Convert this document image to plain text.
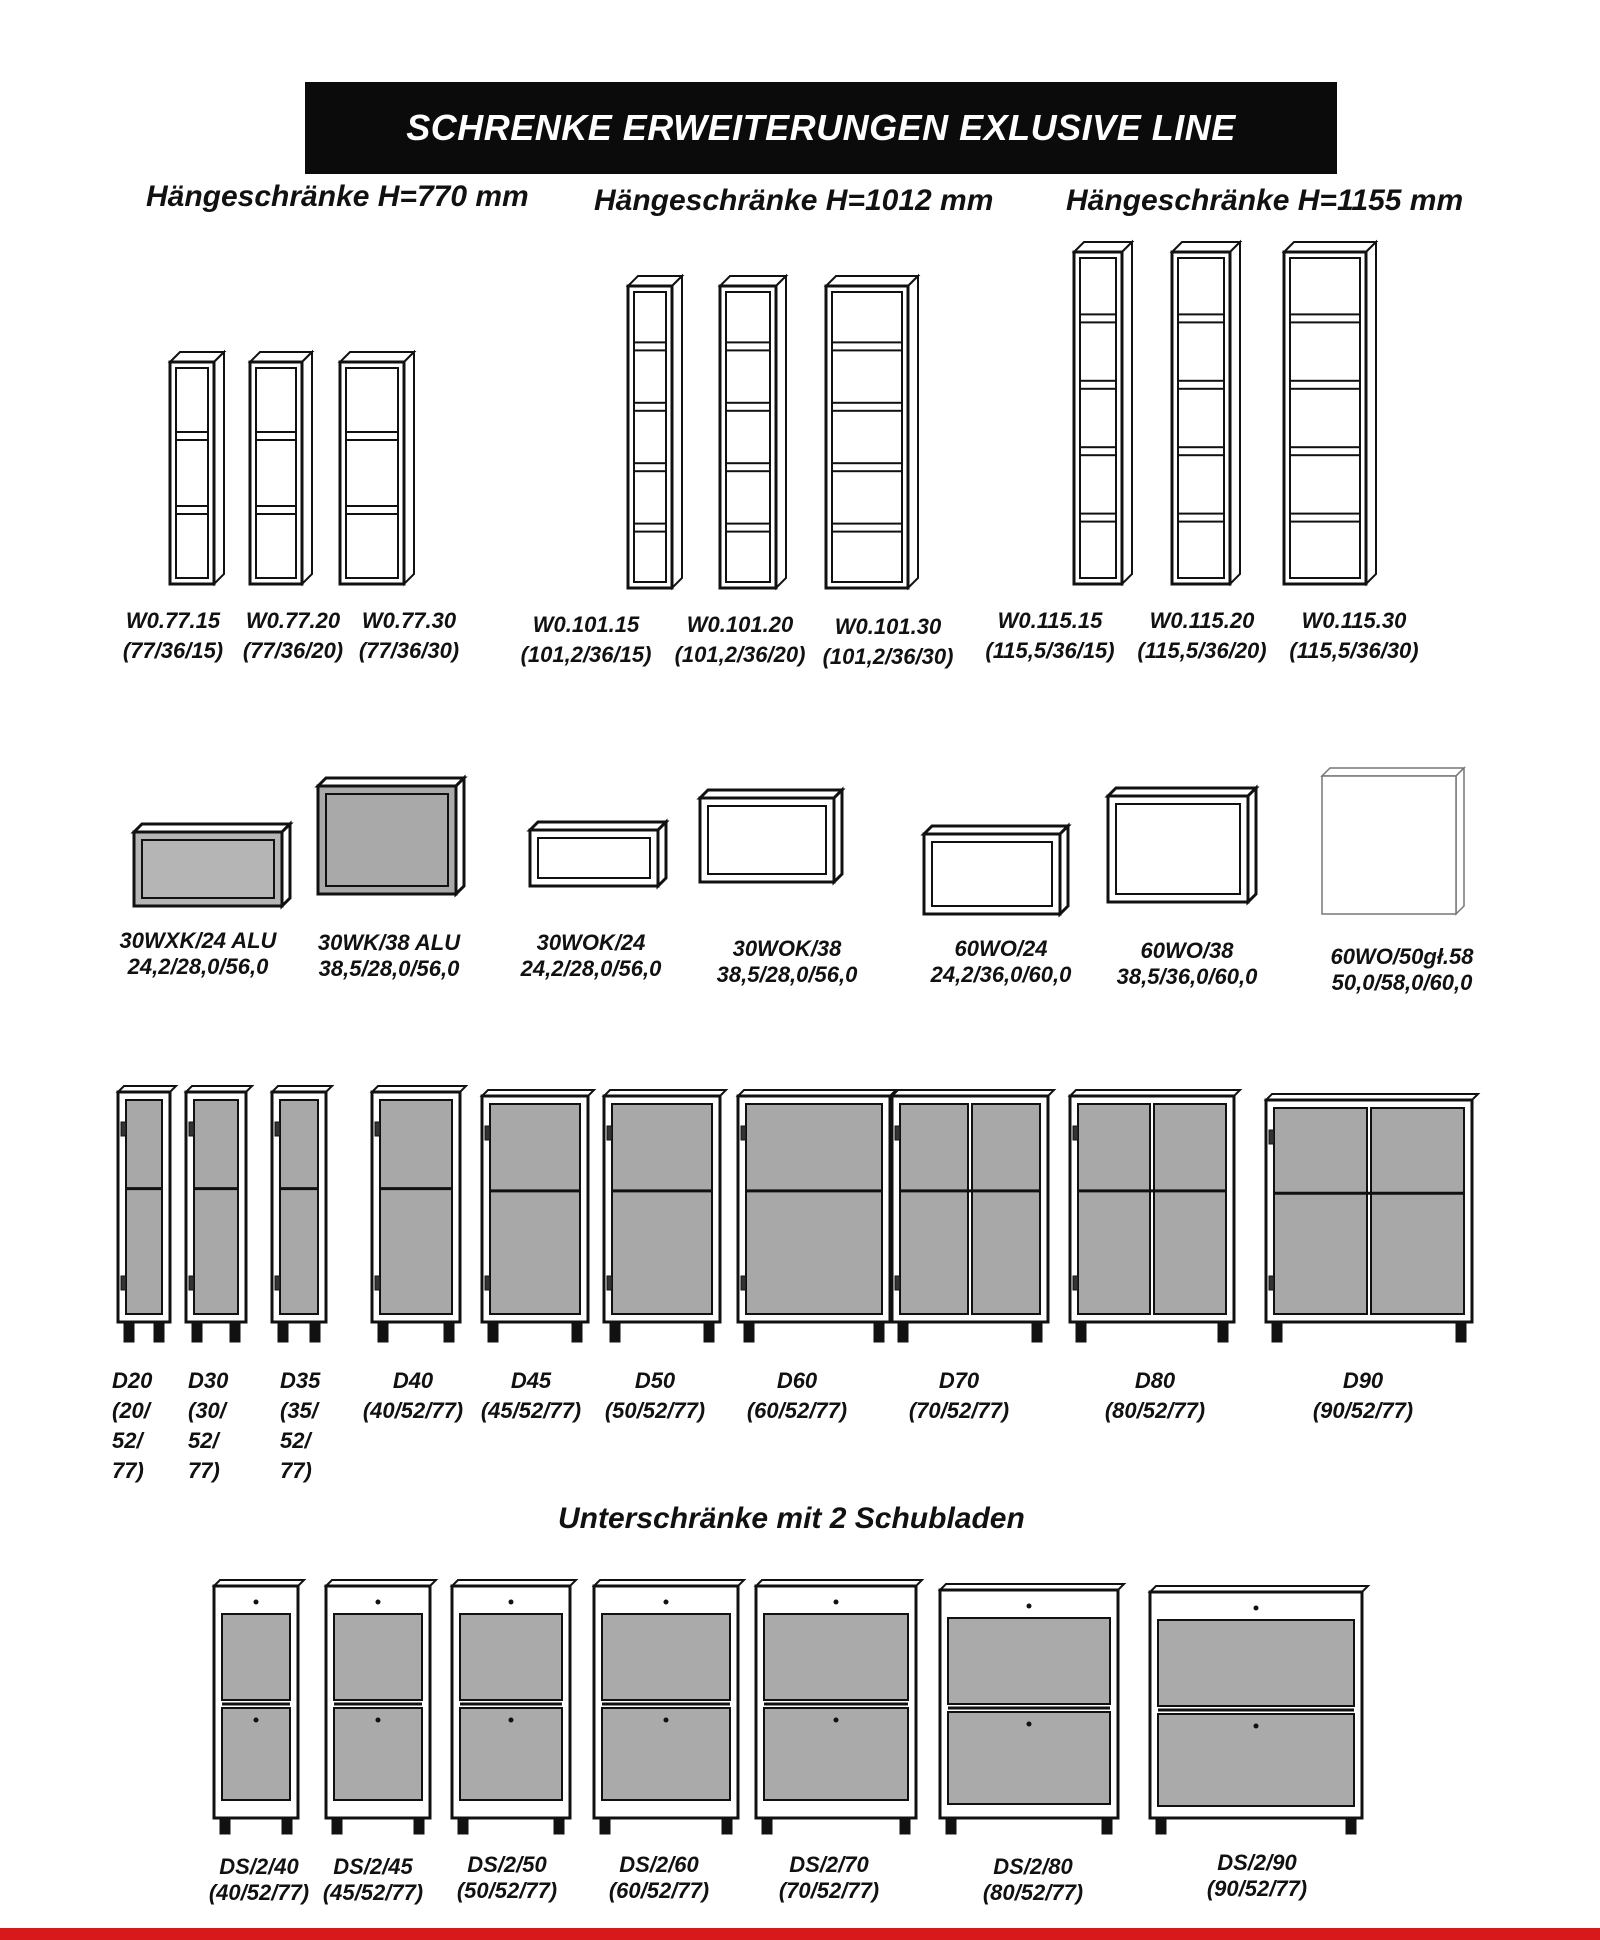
SCHRENKE ERWEITERUNGEN EXLUSIVE LINE
Hängeschränke H=770 mm Hängeschränke H=1012 mm Hängeschränke H=1155 mm
W0.77.15
(77/36/15)
W0.77.20
(77/36/20)
W0.77.30
(77/36/30)
W0.101.15
(101,2/36/15)
W0.101.20
(101,2/36/20)
W0.101.30
(101,2/36/30)
W0.115.15
(115,5/36/15)
W0.115.20
(115,5/36/20)
W0.115.30
(115,5/36/30)
30WXK/24 ALU
24,2/28,0/56,0
30WK/38 ALU
38,5/28,0/56,0
30WOK/24
24,2/28,0/56,0
30WOK/38
38,5/28,0/56,0
60WO/24
24,2/36,0/60,0
60WO/38
38,5/36,0/60,0
60WO/50gł.58
50,0/58,0/60,0
D20
(20/
52/
77)
D30
(30/
52/
77)
D35
(35/
52/
77)
D40
(40/52/77)
D45
(45/52/77)
D50
(50/52/77)
D60
(60/52/77)
D70
(70/52/77)
D80
(80/52/77)
D90
(90/52/77)
Unterschränke mit 2 Schubladen
DS/2/40
(40/52/77)
DS/2/45
(45/52/77)
DS/2/50
(50/52/77)
DS/2/60
(60/52/77)
DS/2/70
(70/52/77)
DS/2/80
(80/52/77)
DS/2/90
(90/52/77)
